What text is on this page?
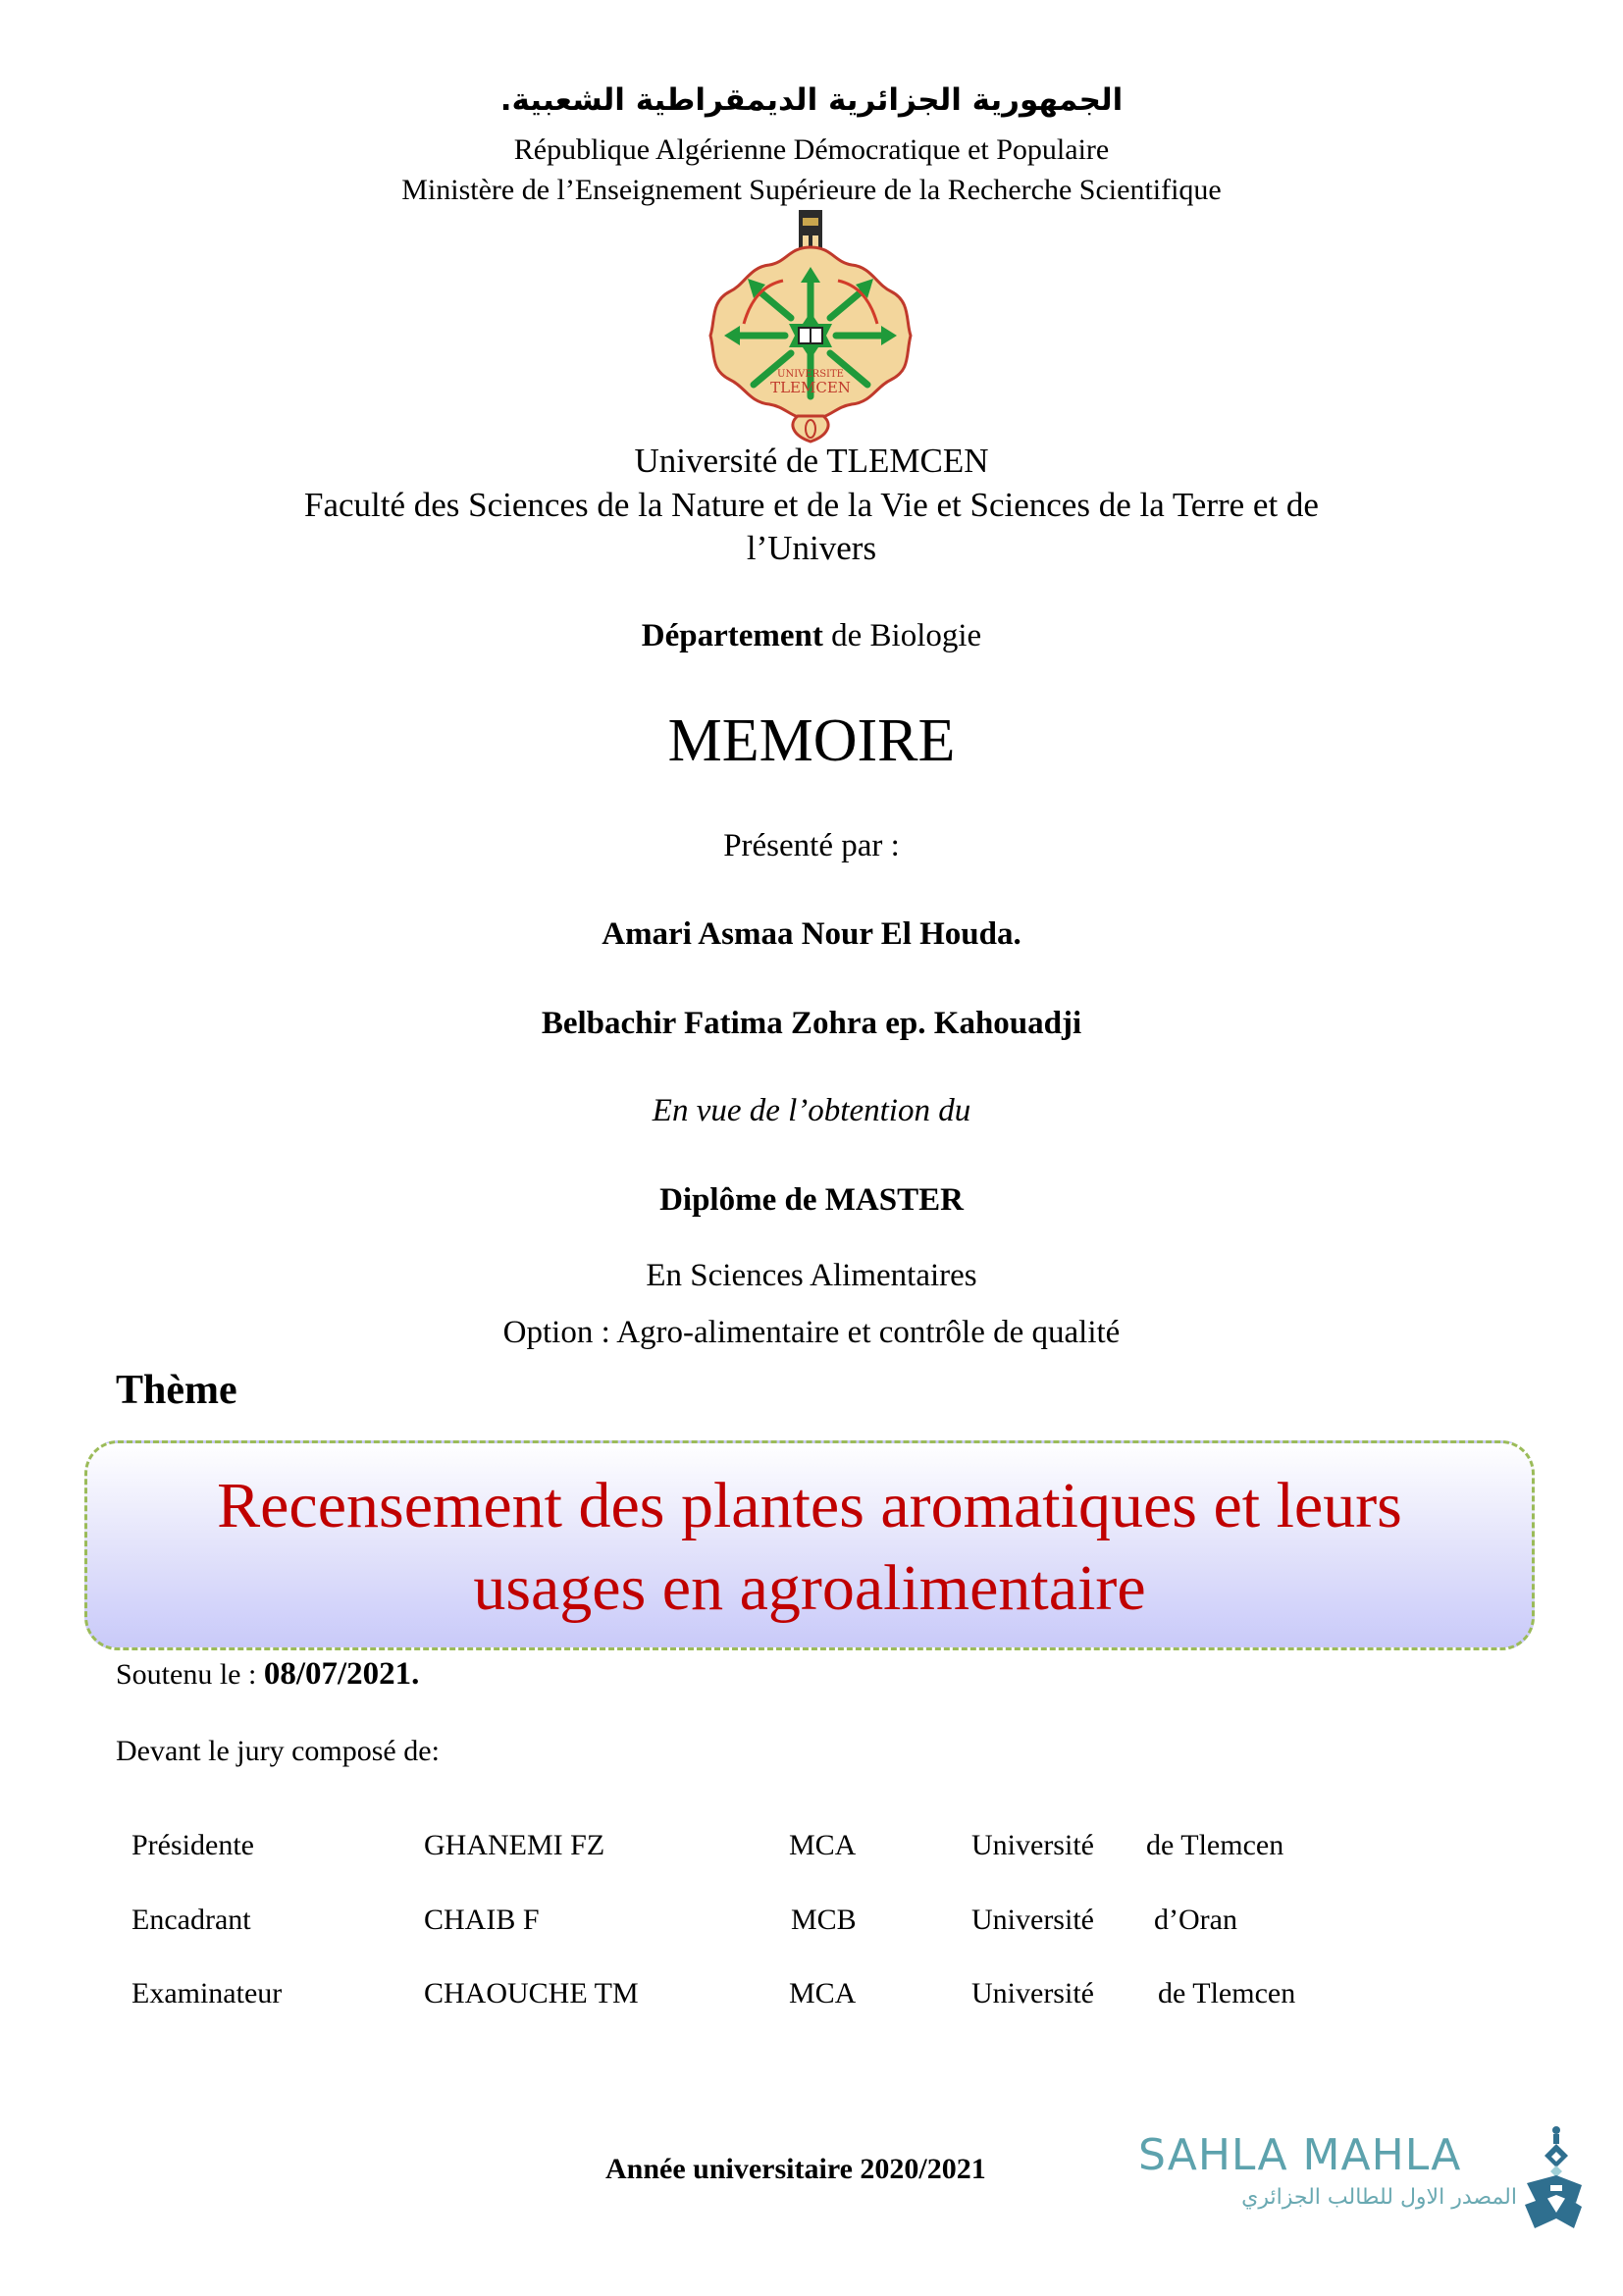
الجمهورية الجزائرية الديمقراطية الشعبية.
République Algérienne Démocratique et Populaire
Ministère de l’Enseignement Supérieure de la Recherche Scientifique
UNIVERSITE
TLEMCEN
Université de TLEMCEN
Faculté des Sciences de la Nature et de la Vie et Sciences de la Terre et de
l’Univers
Département de Biologie
MEMOIRE
Présenté par :
Amari Asmaa Nour El Houda.
Belbachir Fatima Zohra ep. Kahouadji
En vue de l’obtention du
Diplôme de MASTER
En Sciences Alimentaires
Option : Agro-alimentaire et contrôle de qualité
Thème
Recensement des plantes aromatiques et leurs
usages en agroalimentaire
Soutenu le : 08/07/2021.
Devant le jury composé de:
Présidente	GHANEMI FZ	MCA	Université de Tlemcen
Encadrant	CHAIB F	MCB	Université d’Oran
Examinateur	CHAOUCHE TM	MCA	Université de Tlemcen
Année universitaire 2020/2021	SAHLA MAHLA
المصدر الاول للطالب الجزائري
